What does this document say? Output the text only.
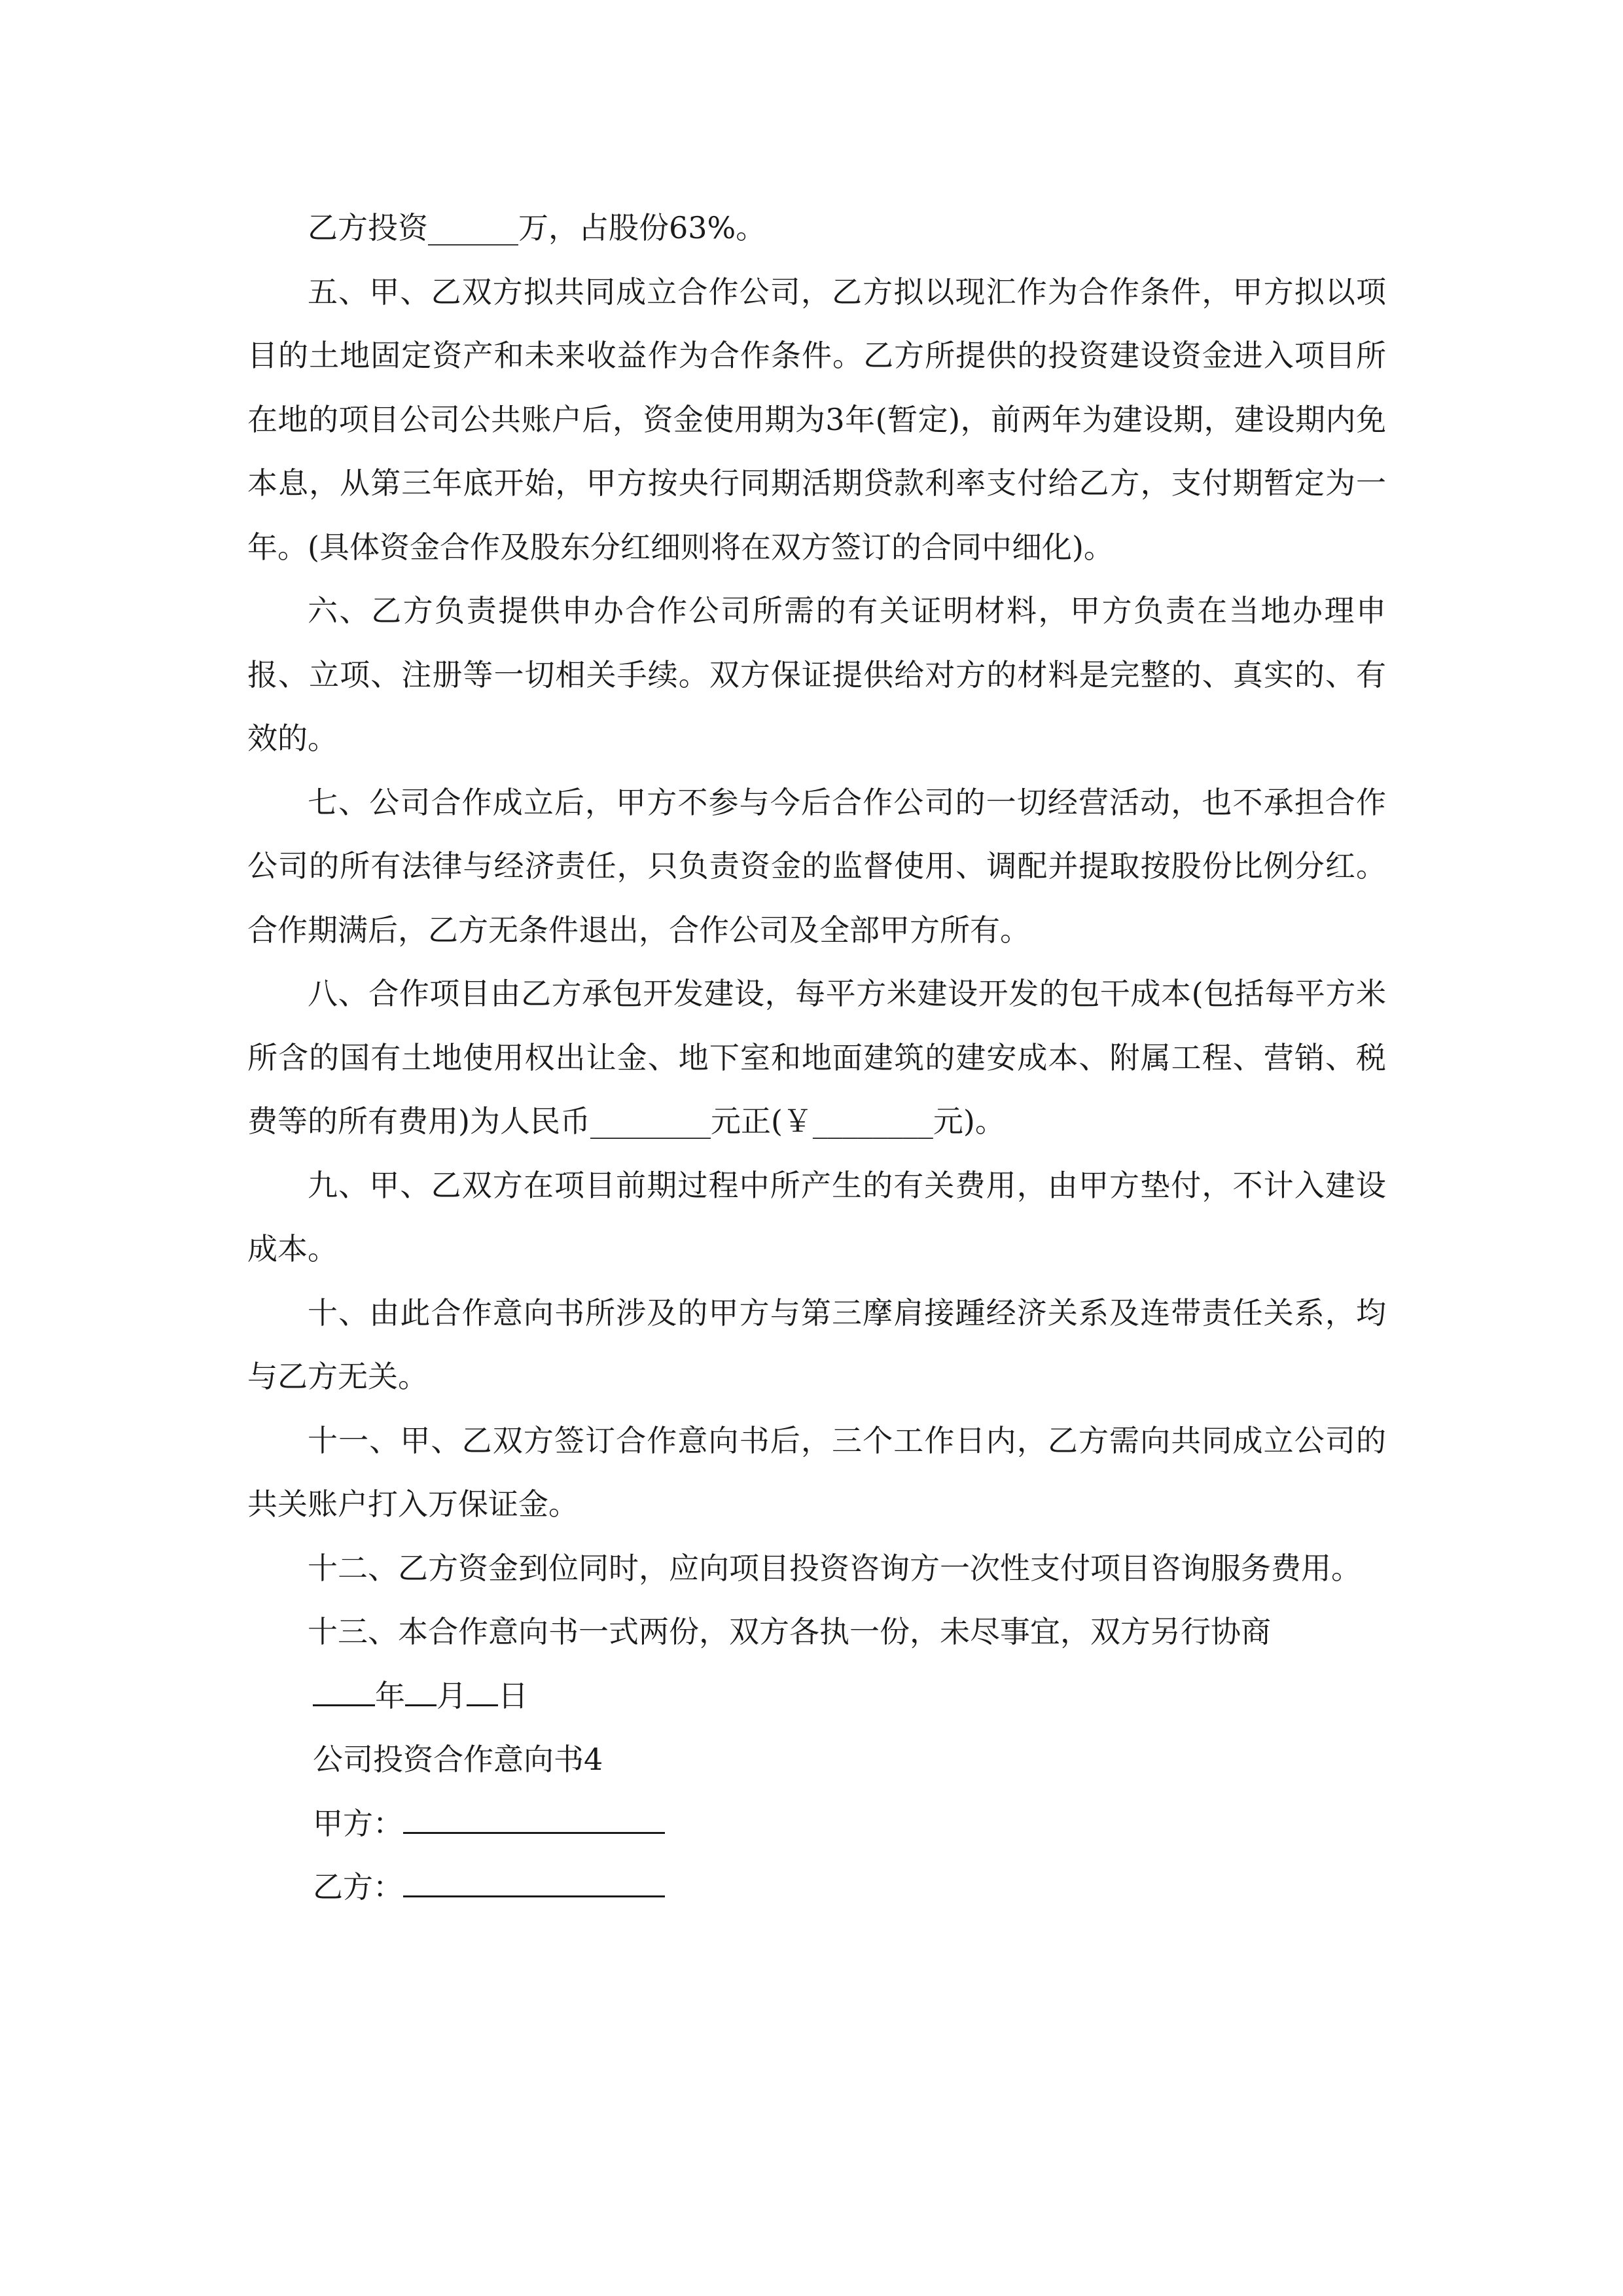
乙方投资______万，占股份63%。

五、甲、乙双方拟共同成立合作公司，乙方拟以现汇作为合作条件，甲方拟以项目的土地固定资产和未来收益作为合作条件。乙方所提供的投资建设资金进入项目所在地的项目公司公共账户后，资金使用期为3年(暂定)，前两年为建设期，建设期内免本息，从第三年底开始，甲方按央行同期活期贷款利率支付给乙方，支付期暂定为一年。(具体资金合作及股东分红细则将在双方签订的合同中细化)。

六、乙方负责提供申办合作公司所需的有关证明材料，甲方负责在当地办理申报、立项、注册等一切相关手续。双方保证提供给对方的材料是完整的、真实的、有效的。

七、公司合作成立后，甲方不参与今后合作公司的一切经营活动，也不承担合作公司的所有法律与经济责任，只负责资金的监督使用、调配并提取按股份比例分红。合作期满后，乙方无条件退出，合作公司及全部甲方所有。

八、合作项目由乙方承包开发建设，每平方米建设开发的包干成本(包括每平方米所含的国有土地使用权出让金、地下室和地面建筑的建安成本、附属工程、营销、税费等的所有费用)为人民币________元正(￥________元)。

九、甲、乙双方在项目前期过程中所产生的有关费用，由甲方垫付，不计入建设成本。

十、由此合作意向书所涉及的甲方与第三摩肩接踵经济关系及连带责任关系，均与乙方无关。

十一、甲、乙双方签订合作意向书后，三个工作日内，乙方需向共同成立公司的共关账户打入万保证金。

十二、乙方资金到位同时，应向项目投资咨询方一次性支付项目咨询服务费用。

十三、本合作意向书一式两份，双方各执一份，未尽事宜，双方另行协商

年 月 日

公司投资合作意向书4

甲方：

乙方：
